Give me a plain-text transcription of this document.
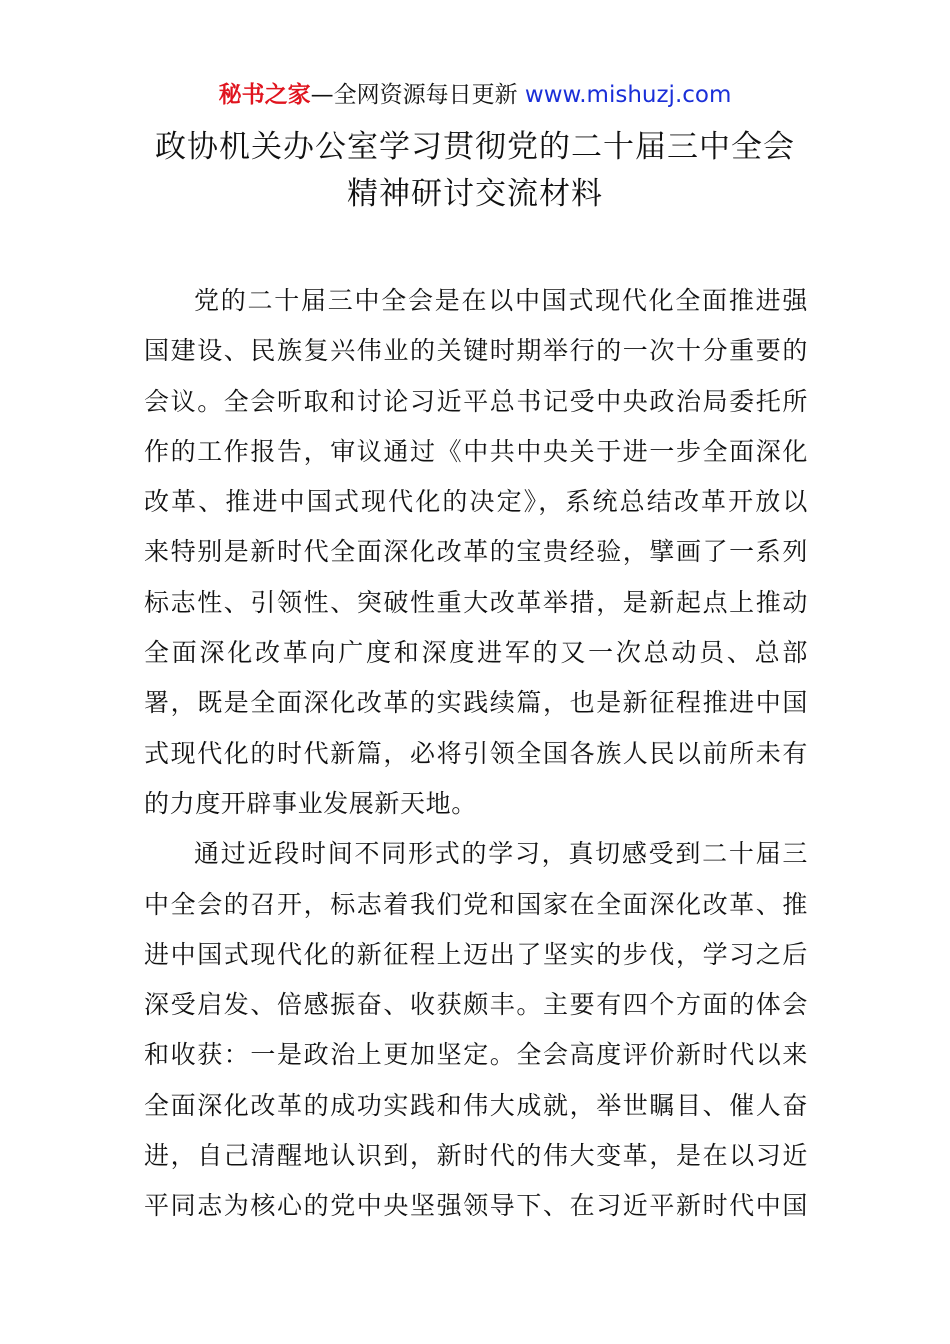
秘书之家—全网资源每日更新 www.mishuzj.com
政协机关办公室学习贯彻党的二十届三中全会
精神研讨交流材料
党的二十届三中全会是在以中国式现代化全面推进强
国建设、民族复兴伟业的关键时期举行的一次十分重要的
会议。全会听取和讨论习近平总书记受中央政治局委托所
作的工作报告，审议通过《中共中央关于进一步全面深化
改革、推进中国式现代化的决定》，系统总结改革开放以
来特别是新时代全面深化改革的宝贵经验，擘画了一系列
标志性、引领性、突破性重大改革举措，是新起点上推动
全面深化改革向广度和深度进军的又一次总动员、总部
署，既是全面深化改革的实践续篇，也是新征程推进中国
式现代化的时代新篇，必将引领全国各族人民以前所未有
的力度开辟事业发展新天地。
通过近段时间不同形式的学习，真切感受到二十届三
中全会的召开，标志着我们党和国家在全面深化改革、推
进中国式现代化的新征程上迈出了坚实的步伐，学习之后
深受启发、倍感振奋、收获颇丰。主要有四个方面的体会
和收获：一是政治上更加坚定。全会高度评价新时代以来
全面深化改革的成功实践和伟大成就，举世瞩目、催人奋
进，自己清醒地认识到，新时代的伟大变革，是在以习近
平同志为核心的党中央坚强领导下、在习近平新时代中国
